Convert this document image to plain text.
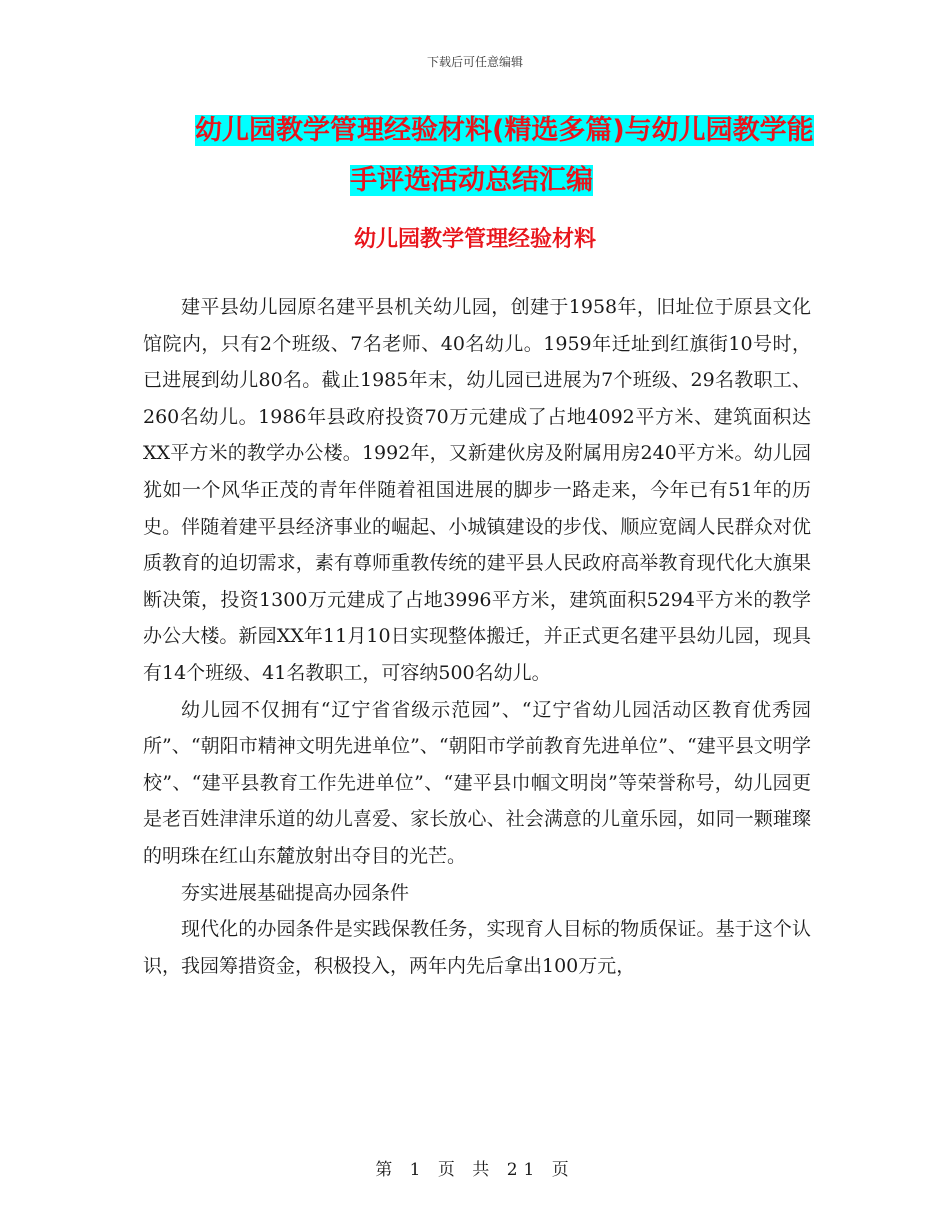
下载后可任意编辑
幼儿园教学管理经验材料(精选多篇)与幼儿园教学能
手评选活动总结汇编
幼儿园教学管理经验材料

建平县幼儿园原名建平县机关幼儿园，创建于1958年，旧址位于原县文化馆院内，只有2个班级、7名老师、40名幼儿。1959年迁址到红旗街10号时，已进展到幼儿80名。截止1985年末，幼儿园已进展为7个班级、29名教职工、260名幼儿。1986年县政府投资70万元建成了占地4092平方米、建筑面积达XX平方米的教学办公楼。1992年，又新建伙房及附属用房240平方米。幼儿园犹如一个风华正茂的青年伴随着祖国进展的脚步一路走来，今年已有51年的历史。伴随着建平县经济事业的崛起、小城镇建设的步伐、顺应宽阔人民群众对优质教育的迫切需求，素有尊师重教传统的建平县人民政府高举教育现代化大旗果断决策，投资1300万元建成了占地3996平方米，建筑面积5294平方米的教学办公大楼。新园XX年11月10日实现整体搬迁，并正式更名建平县幼儿园，现具有14个班级、41名教职工，可容纳500名幼儿。

幼儿园不仅拥有“辽宁省省级示范园”、“辽宁省幼儿园活动区教育优秀园所”、“朝阳市精神文明先进单位”、“朝阳市学前教育先进单位”、“建平县文明学校”、“建平县教育工作先进单位”、“建平县巾帼文明岗”等荣誉称号，幼儿园更是老百姓津津乐道的幼儿喜爱、家长放心、社会满意的儿童乐园，如同一颗璀璨的明珠在红山东麓放射出夺目的光芒。

夯实进展基础提高办园条件

现代化的办园条件是实践保教任务，实现育人目标的物质保证。基于这个认识，我园筹措资金，积极投入，两年内先后拿出100万元，

第 1 页 共 21 页
